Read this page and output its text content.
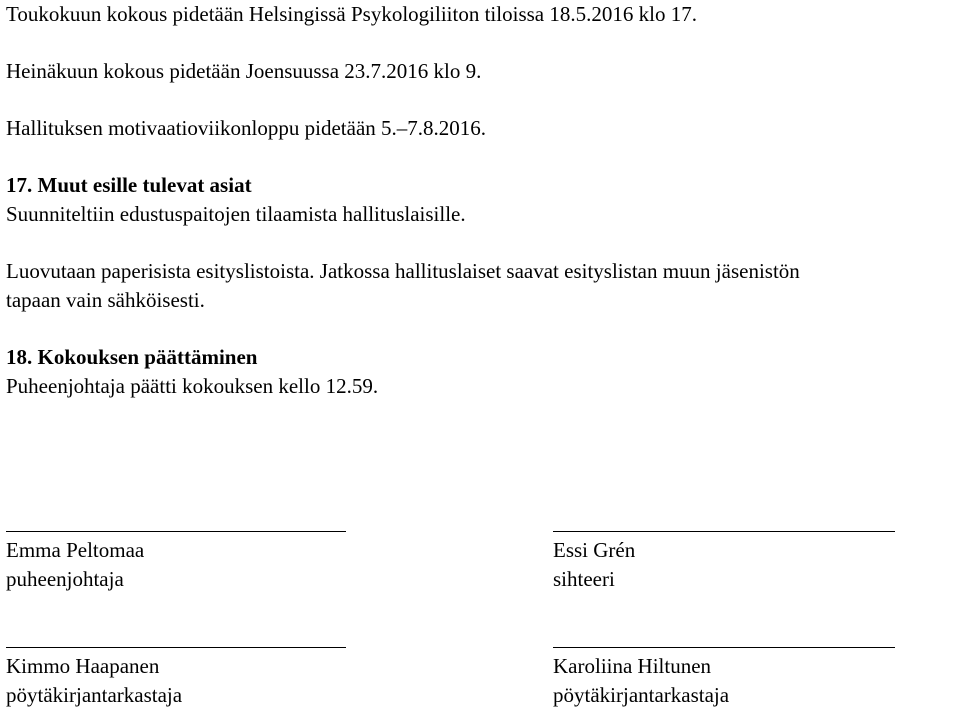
Toukokuun kokous pidetään Helsingissä Psykologiliiton tiloissa 18.5.2016 klo 17.
Heinäkuun kokous pidetään Joensuussa 23.7.2016 klo 9.
Hallituksen motivaatioviikonloppu pidetään 5.–7.8.2016.
17. Muut esille tulevat asiat
Suunniteltiin edustuspaitojen tilaamista hallituslaisille.
Luovutaan paperisista esityslistoista. Jatkossa hallituslaiset saavat esityslistan muun jäsenistön
tapaan vain sähköisesti.
18. Kokouksen päättäminen
Puheenjohtaja päätti kokouksen kello 12.59.
Emma Peltomaa
puheenjohtaja
Essi Grén
sihteeri
Kimmo Haapanen
pöytäkirjantarkastaja
Karoliina Hiltunen
pöytäkirjantarkastaja
